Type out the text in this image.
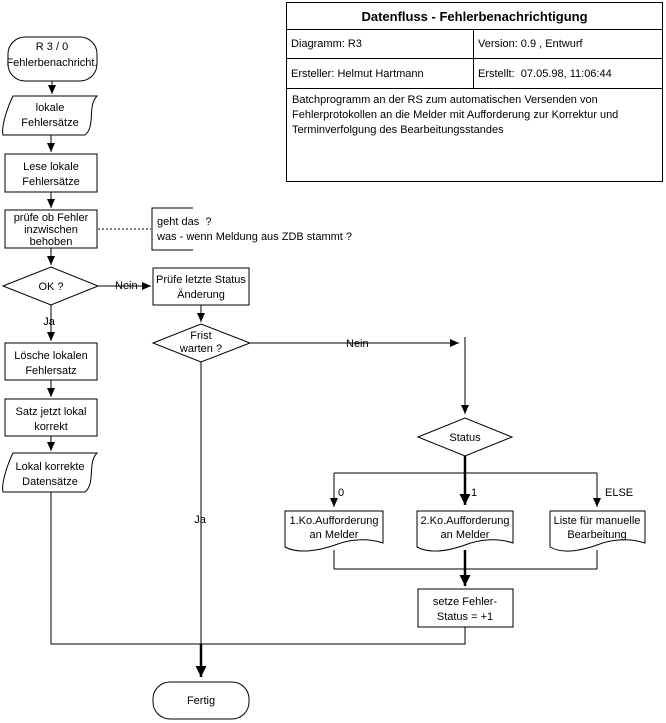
Datenfluss - Fehlerbenachrichtigung
Diagramm: R3	Version: 0.9 , Entwurf
Ersteller: Helmut Hartmann	Erstellt:  07.05.98, 11:06:44
Batchprogramm an der RS zum automatischen Versenden von Fehlerprotokollen an die Melder mit Aufforderung zur Korrektur und Terminverfolgung des Bearbeitungsstandes
R 3 / 0
Fehlerbenachricht.
lokale
Fehlersätze
Lese lokale
Fehlersätze
prüfe ob Fehler
inzwischen
behoben
OK ?
Prüfe letzte Status
Änderung
Frist
warten ?
Lösche lokalen
Fehlersatz
Satz jetzt lokal
korrekt
Lokal korrekte
Datensätze
Status
1.Ko.Aufforderung
an Melder
2.Ko.Aufforderung
an Melder
Liste für manuelle
Bearbeitung
setze Fehler-
Status = +1
Fertig
Nein
Ja
Nein
Ja
0	1	ELSE
geht das  ?
was - wenn Meldung aus ZDB stammt ?
